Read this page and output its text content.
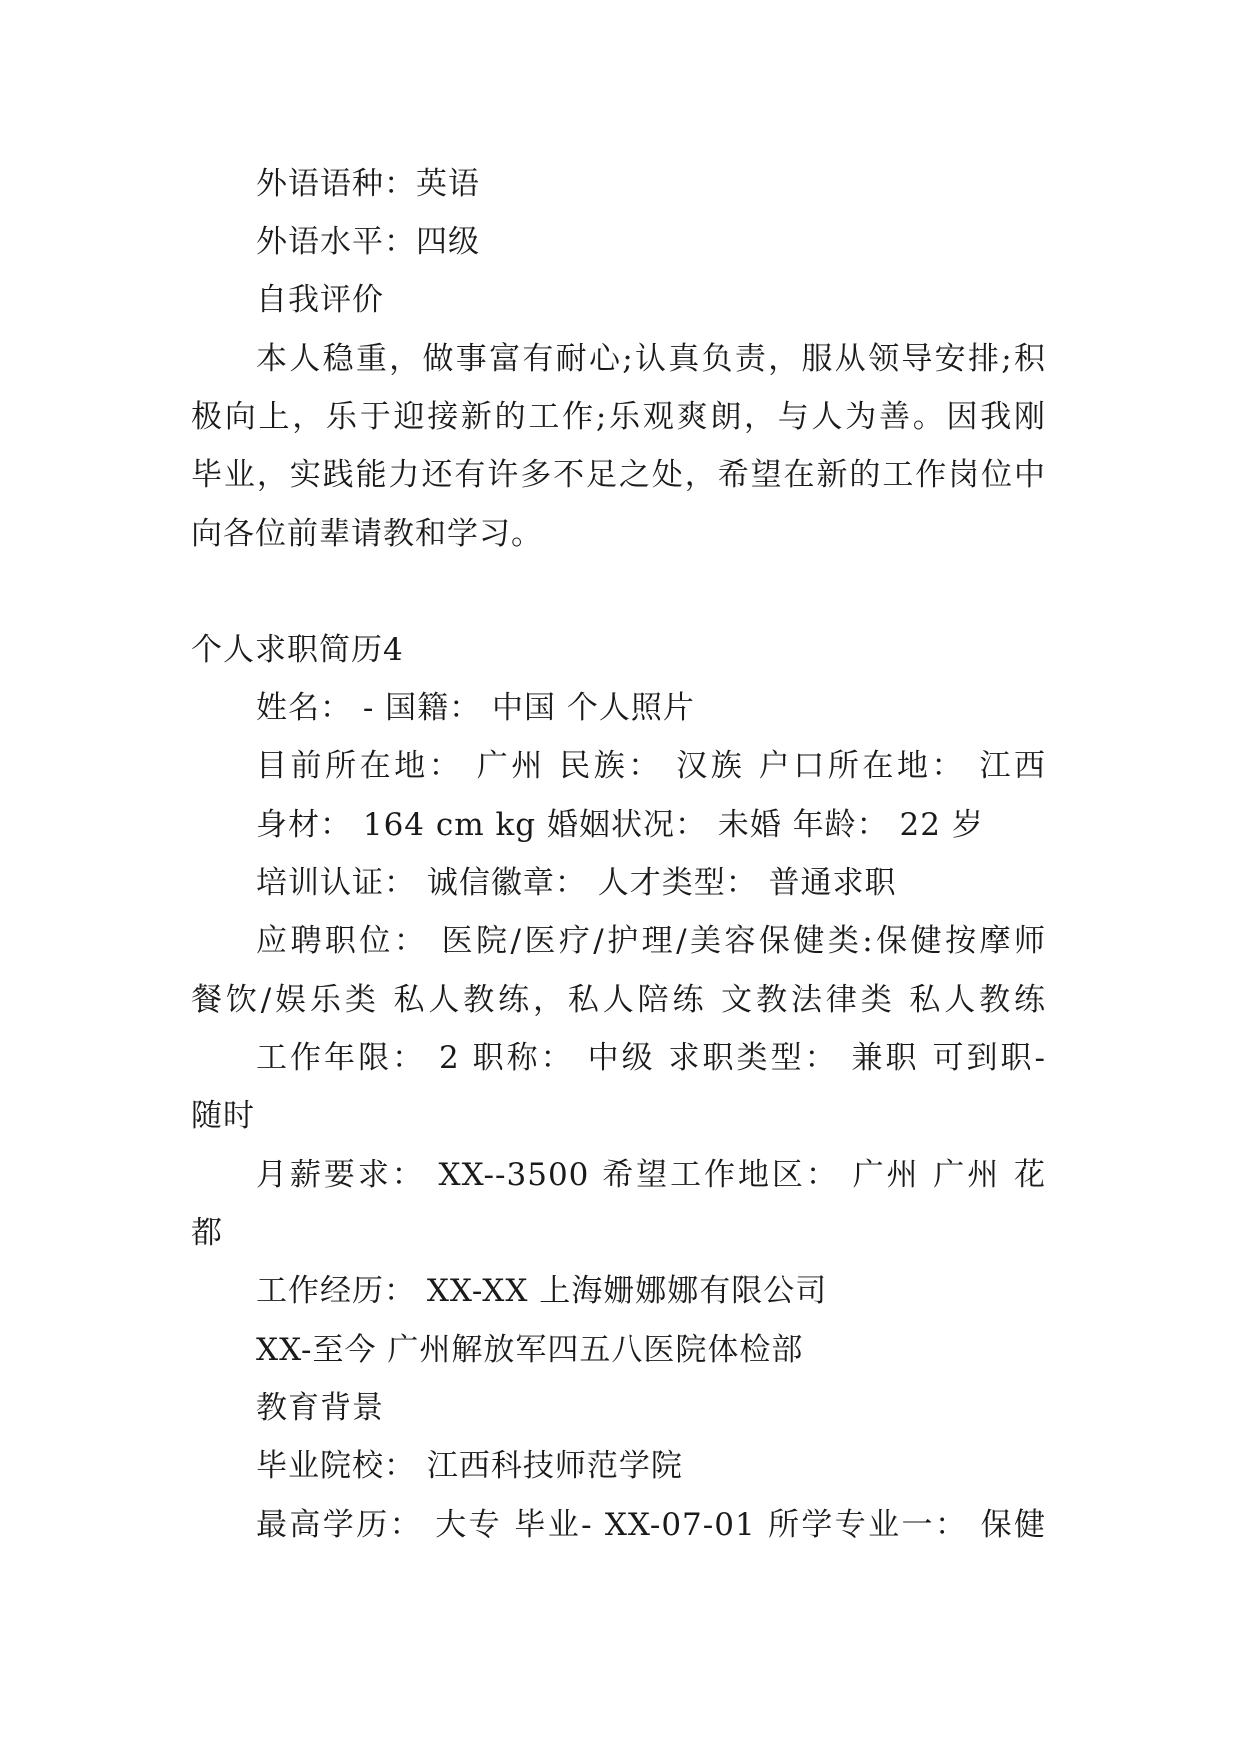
外语语种：英语
外语水平：四级
自我评价
本人稳重，做事富有耐心;认真负责，服从领导安排;积
极向上，乐于迎接新的工作;乐观爽朗，与人为善。因我刚
毕业，实践能力还有许多不足之处，希望在新的工作岗位中
向各位前辈请教和学习。
个人求职简历4
姓名： - 国籍： 中国 个人照片
目前所在地： 广州 民族： 汉族 户口所在地： 江西
身材： 164 cm kg 婚姻状况： 未婚 年龄： 22 岁
培训认证： 诚信徽章： 人才类型： 普通求职
应聘职位： 医院/医疗/护理/美容保健类:保健按摩师
餐饮/娱乐类 私人教练，私人陪练 文教法律类 私人教练
工作年限： 2 职称： 中级 求职类型： 兼职 可到职-
随时
月薪要求： XX--3500 希望工作地区： 广州 广州 花
都
工作经历： XX-XX 上海姗娜娜有限公司
XX-至今 广州解放军四五八医院体检部
教育背景
毕业院校： 江西科技师范学院
最高学历： 大专 毕业- XX-07-01 所学专业一： 保健
